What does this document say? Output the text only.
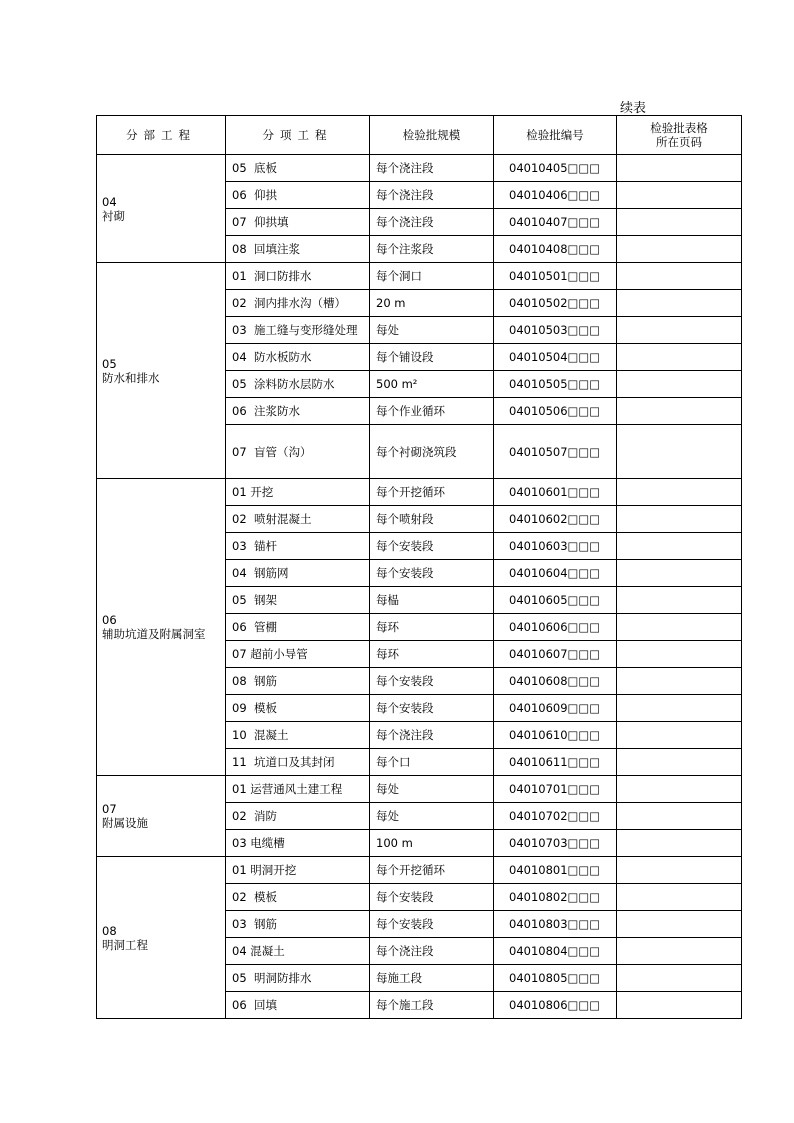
续表
分部工程	分项工程	检验批规模	检验批编号	检验批表格所在页码

04
衬砌	05  底板	每个浇注段	04010405□□□	
	06  仰拱	每个浇注段	04010406□□□	
	07  仰拱填	每个浇注段	04010407□□□	
	08  回填注浆	每个注浆段	04010408□□□	

05
防水和排水	01  洞口防排水	每个洞口	04010501□□□	
	02  洞内排水沟（槽）	20 m	04010502□□□	
	03  施工缝与变形缝处理	每处	04010503□□□	
	04  防水板防水	每个铺设段	04010504□□□	
	05  涂料防水层防水	500 m²	04010505□□□	
	06  注浆防水	每个作业循环	04010506□□□	
	07  盲管（沟）	每个衬砌浇筑段	04010507□□□	

06
辅助坑道及附属洞室	01 开挖	每个开挖循环	04010601□□□	
	02  喷射混凝土	每个喷射段	04010602□□□	
	03  锚杆	每个安装段	04010603□□□	
	04  钢筋网	每个安装段	04010604□□□	
	05  钢架	每榀	04010605□□□	
	06  管棚	每环	04010606□□□	
	07 超前小导管	每环	04010607□□□	
	08  钢筋	每个安装段	04010608□□□	
	09  模板	每个安装段	04010609□□□	
	10  混凝土	每个浇注段	04010610□□□	
	11  坑道口及其封闭	每个口	04010611□□□	

07
附属设施	01 运营通风土建工程	每处	04010701□□□	
	02  消防	每处	04010702□□□	
	03 电缆槽	100 m	04010703□□□	

08
明洞工程	01 明洞开挖	每个开挖循环	04010801□□□	
	02  模板	每个安装段	04010802□□□	
	03  钢筋	每个安装段	04010803□□□	
	04 混凝土	每个浇注段	04010804□□□	
	05  明洞防排水	每施工段	04010805□□□	
	06  回填	每个施工段	04010806□□□	
